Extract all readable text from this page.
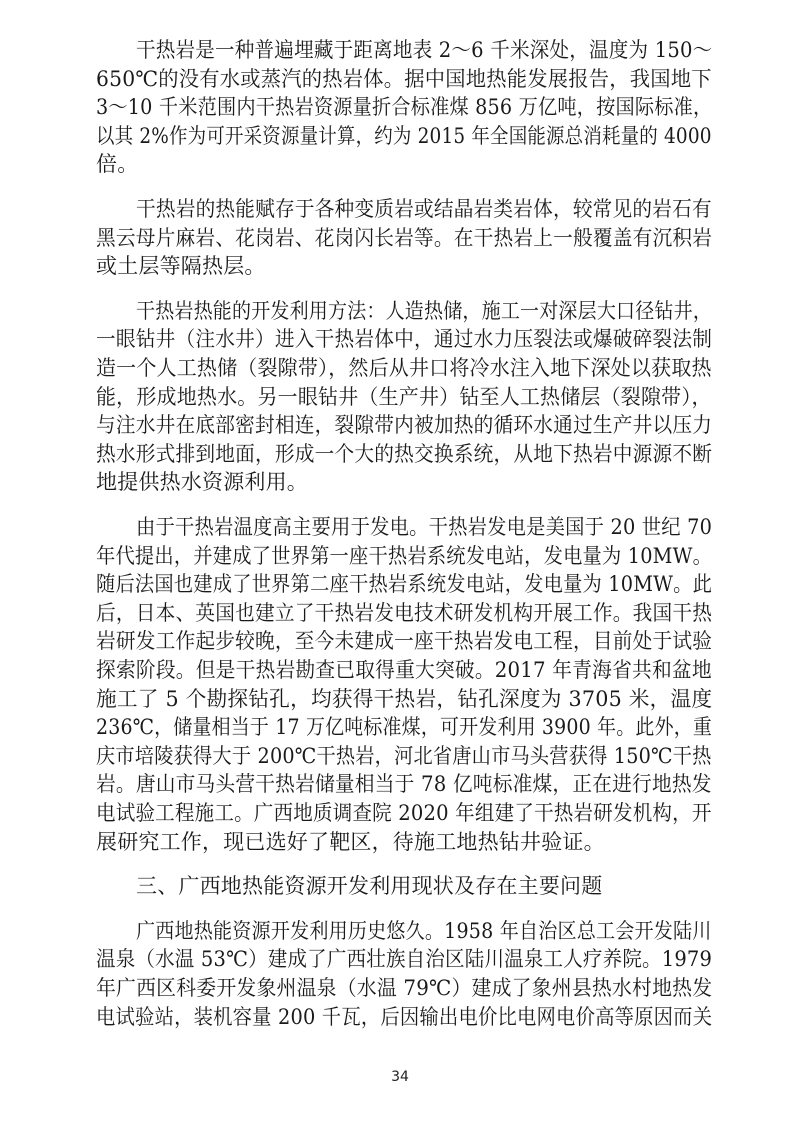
干热岩是一种普遍埋藏于距离地表 2～6 千米深处，温度为 150～

650℃的没有水或蒸汽的热岩体。据中国地热能发展报告，我国地下

3～10 千米范围内干热岩资源量折合标准煤 856 万亿吨，按国际标准，

以其 2%作为可开采资源量计算，约为 2015 年全国能源总消耗量的 4000

倍。

干热岩的热能赋存于各种变质岩或结晶岩类岩体，较常见的岩石有

黑云母片麻岩、花岗岩、花岗闪长岩等。在干热岩上一般覆盖有沉积岩

或土层等隔热层。

干热岩热能的开发利用方法：人造热储，施工一对深层大口径钻井，

一眼钻井（注水井）进入干热岩体中，通过水力压裂法或爆破碎裂法制

造一个人工热储（裂隙带），然后从井口将冷水注入地下深处以获取热

能，形成地热水。另一眼钻井（生产井）钻至人工热储层（裂隙带），

与注水井在底部密封相连，裂隙带内被加热的循环水通过生产井以压力

热水形式排到地面，形成一个大的热交换系统，从地下热岩中源源不断

地提供热水资源利用。

由于干热岩温度高主要用于发电。干热岩发电是美国于 20 世纪 70

年代提出，并建成了世界第一座干热岩系统发电站，发电量为 10MW。

随后法国也建成了世界第二座干热岩系统发电站，发电量为 10MW。此

后，日本、英国也建立了干热岩发电技术研发机构开展工作。我国干热

岩研发工作起步较晚，至今未建成一座干热岩发电工程，目前处于试验

探索阶段。但是干热岩勘查已取得重大突破。2017 年青海省共和盆地

施工了 5 个勘探钻孔，均获得干热岩，钻孔深度为 3705 米，温度

236℃，储量相当于 17 万亿吨标准煤，可开发利用 3900 年。此外，重

庆市培陵获得大于 200℃干热岩，河北省唐山市马头营获得 150℃干热

岩。唐山市马头营干热岩储量相当于 78 亿吨标准煤，正在进行地热发

电试验工程施工。广西地质调查院 2020 年组建了干热岩研发机构，开

展研究工作，现已选好了靶区，待施工地热钻井验证。

三、广西地热能资源开发利用现状及存在主要问题

广西地热能资源开发利用历史悠久。1958 年自治区总工会开发陆川

温泉（水温 53℃）建成了广西壮族自治区陆川温泉工人疗养院。1979

年广西区科委开发象州温泉（水温 79℃）建成了象州县热水村地热发

电试验站，装机容量 200 千瓦，后因输出电价比电网电价高等原因而关

34
